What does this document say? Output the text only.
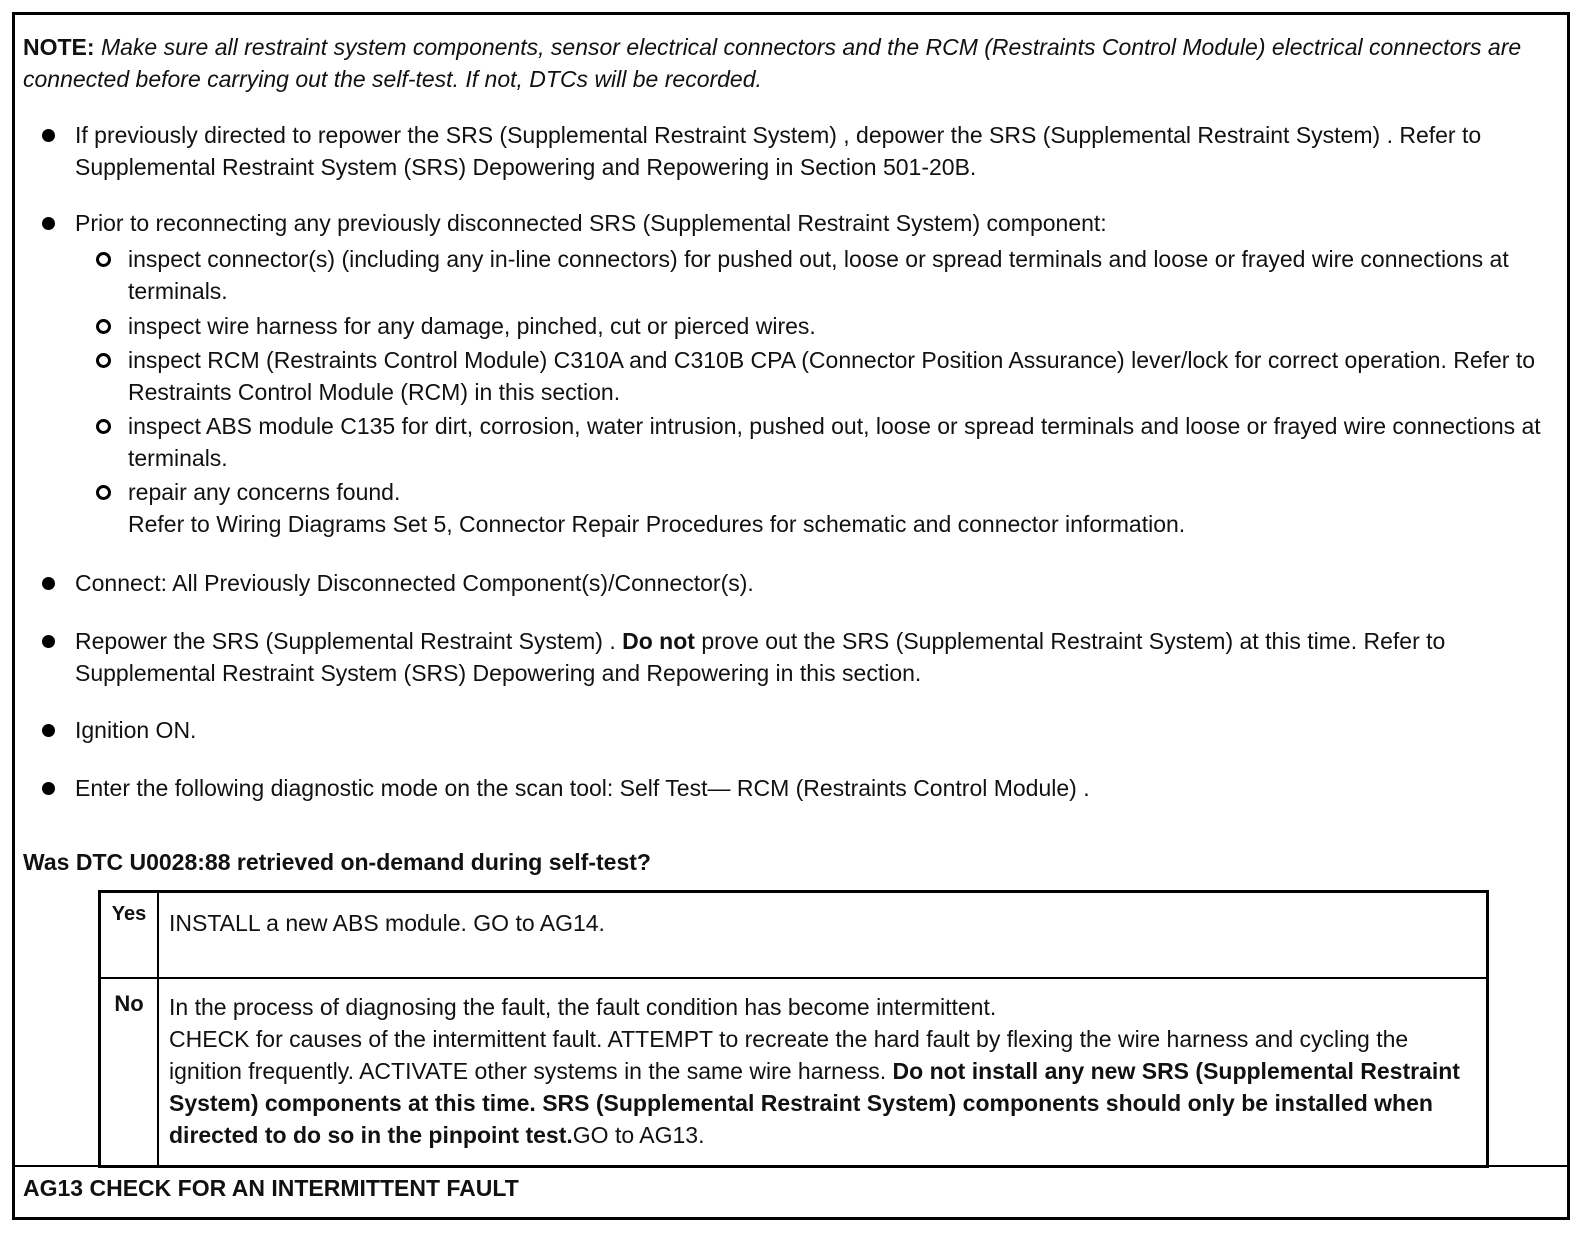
NOTE: Make sure all restraint system components, sensor electrical connectors and the RCM (Restraints Control Module) electrical connectors are connected before carrying out the self-test. If not, DTCs will be recorded.
If previously directed to repower the SRS (Supplemental Restraint System) , depower the SRS (Supplemental Restraint System) . Refer to Supplemental Restraint System (SRS) Depowering and Repowering in Section 501-20B.
Prior to reconnecting any previously disconnected SRS (Supplemental Restraint System) component:
inspect connector(s) (including any in-line connectors) for pushed out, loose or spread terminals and loose or frayed wire connections at terminals.
inspect wire harness for any damage, pinched, cut or pierced wires.
inspect RCM (Restraints Control Module) C310A and C310B CPA (Connector Position Assurance) lever/lock for correct operation. Refer to Restraints Control Module (RCM) in this section.
inspect ABS module C135 for dirt, corrosion, water intrusion, pushed out, loose or spread terminals and loose or frayed wire connections at terminals.
repair any concerns found.
Refer to Wiring Diagrams Set 5, Connector Repair Procedures for schematic and connector information.
Connect: All Previously Disconnected Component(s)/Connector(s).
Repower the SRS (Supplemental Restraint System) . Do not prove out the SRS (Supplemental Restraint System) at this time. Refer to Supplemental Restraint System (SRS) Depowering and Repowering in this section.
Ignition ON.
Enter the following diagnostic mode on the scan tool: Self Test— RCM (Restraints Control Module) .
Was DTC U0028:88 retrieved on-demand during self-test?
Yes INSTALL a new ABS module. GO to AG14.
No	In the process of diagnosing the fault, the fault condition has become intermittent.
CHECK for causes of the intermittent fault. ATTEMPT to recreate the hard fault by flexing the wire harness and cycling the ignition frequently. ACTIVATE other systems in the same wire harness. Do not install any new SRS (Supplemental Restraint System) components at this time. SRS (Supplemental Restraint System) components should only be installed when directed to do so in the pinpoint test.GO to AG13.
AG13 CHECK FOR AN INTERMITTENT FAULT
